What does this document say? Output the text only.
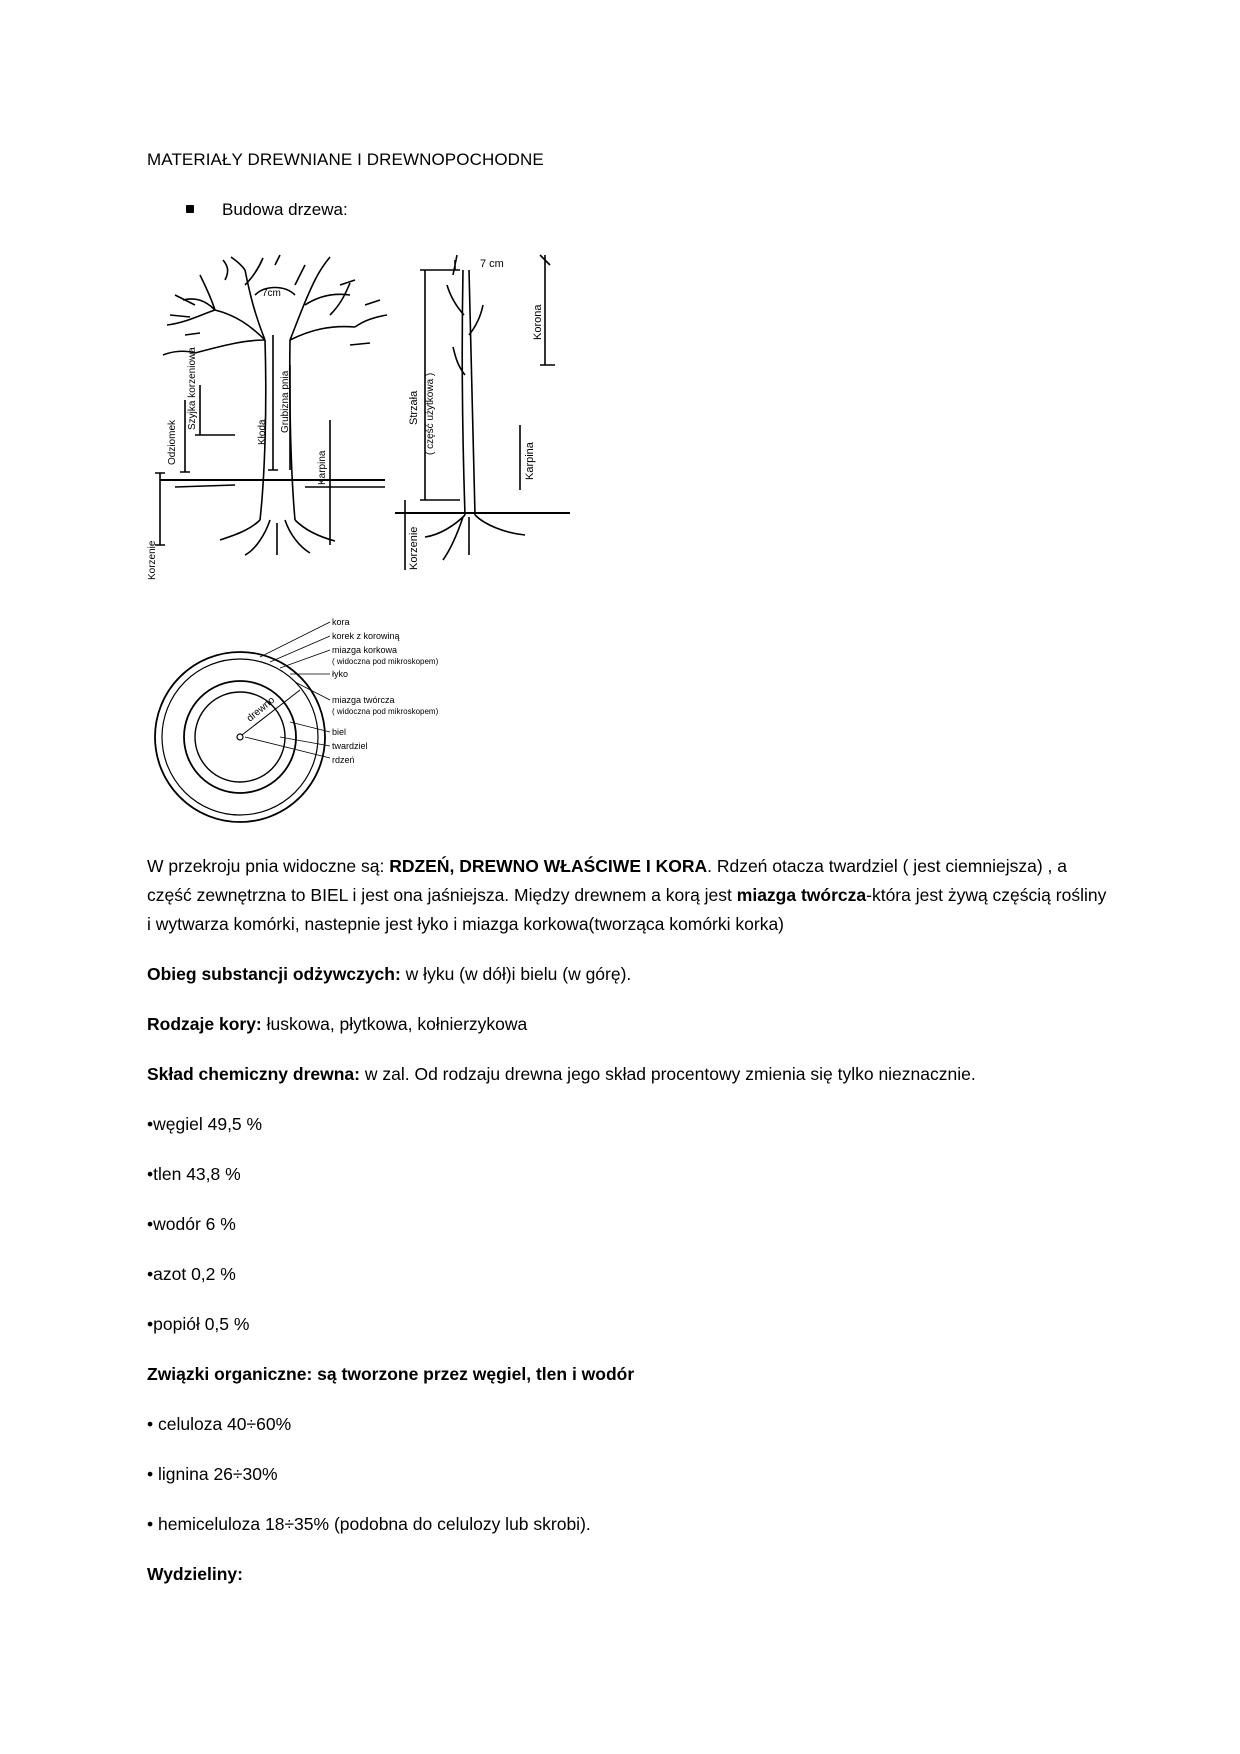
MATERIAŁY DREWNIANE I DREWNOPOCHODNE
Budowa drzewa:
Odziomek
Szyjka korzeniowa
Kłoda Grubizna pnia
Korzenie
Karpina
7cm
7 cm
Korona
Strzała ( część użytkowa )
Karpina
Korzenie
kora
korek z korowiną
miazga korkowa
( widoczna pod mikroskopem)
łyko
miazga twórcza
( widoczna pod mikroskopem)
biel
twardziel
rdzeń
drewno
W przekroju pnia widoczne są: RDZEŃ, DREWNO WŁAŚCIWE I KORA. Rdzeń otacza twardziel ( jest ciemniejsza) , a część zewnętrzna to BIEL i jest ona jaśniejsza. Między drewnem a korą jest miazga twórcza-która jest żywą częścią rośliny i wytwarza komórki, nastepnie jest łyko i miazga korkowa(tworząca komórki korka)
Obieg substancji odżywczych: w łyku (w dół)i bielu (w górę).
Rodzaje kory: łuskowa, płytkowa, kołnierzykowa
Skład chemiczny drewna: w zal. Od rodzaju drewna jego skład procentowy zmienia się tylko nieznacznie.
•węgiel 49,5 %
•tlen 43,8 %
•wodór 6 %
•azot 0,2 %
•popiół 0,5 %
Związki organiczne: są tworzone przez węgiel, tlen i wodór
• celuloza 40÷60%
• lignina 26÷30%
• hemiceluloza 18÷35% (podobna do celulozy lub skrobi).
Wydzieliny:
